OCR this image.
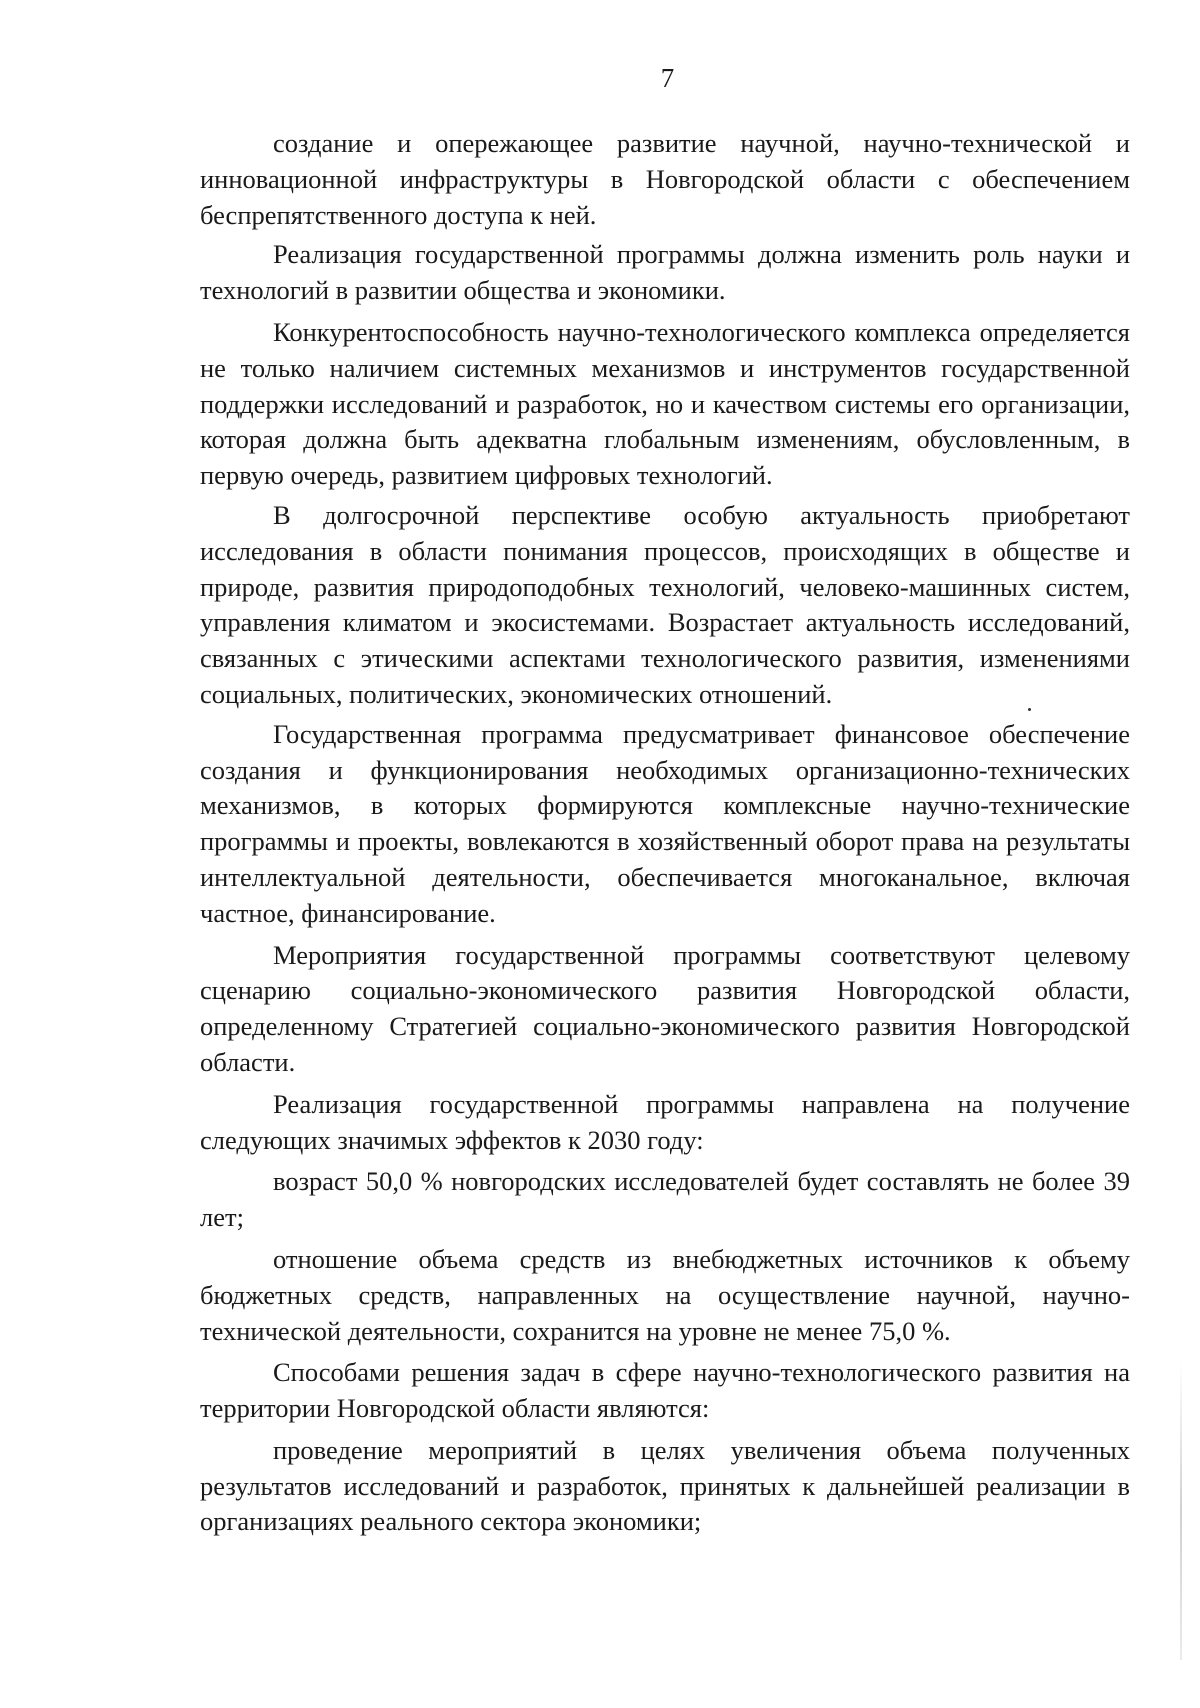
7

создание и опережающее развитие научной, научно-технической и инновационной инфраструктуры в Новгородской области с обеспечением беспрепятственного доступа к ней.

Реализация государственной программы должна изменить роль науки и технологий в развитии общества и экономики.

Конкурентоспособность научно-технологического комплекса определяется не только наличием системных механизмов и инструментов государственной поддержки исследований и разработок, но и качеством системы его организации, которая должна быть адекватна глобальным изменениям, обусловленным, в первую очередь, развитием цифровых технологий.

В долгосрочной перспективе особую актуальность приобретают исследования в области понимания процессов, происходящих в обществе и природе, развития природоподобных технологий, человеко-машинных систем, управления климатом и экосистемами. Возрастает актуальность исследований, связанных с этическими аспектами технологического развития, изменениями социальных, политических, экономических отношений.

Государственная программа предусматривает финансовое обеспечение создания и функционирования необходимых организационно-технических механизмов, в которых формируются комплексные научно-технические программы и проекты, вовлекаются в хозяйственный оборот права на результаты интеллектуальной деятельности, обеспечивается многоканальное, включая частное, финансирование.

Мероприятия государственной программы соответствуют целевому сценарию социально-экономического развития Новгородской области, определенному Стратегией социально-экономического развития Новгородской области.

Реализация государственной программы направлена на получение следующих значимых эффектов к 2030 году:

возраст 50,0 % новгородских исследователей будет составлять не более 39 лет;

отношение объема средств из внебюджетных источников к объему бюджетных средств, направленных на осуществление научной, научно-технической деятельности, сохранится на уровне не менее 75,0 %.

Способами решения задач в сфере научно-технологического развития на территории Новгородской области являются:

проведение мероприятий в целях увеличения объема полученных результатов исследований и разработок, принятых к дальнейшей реализации в организациях реального сектора экономики;
